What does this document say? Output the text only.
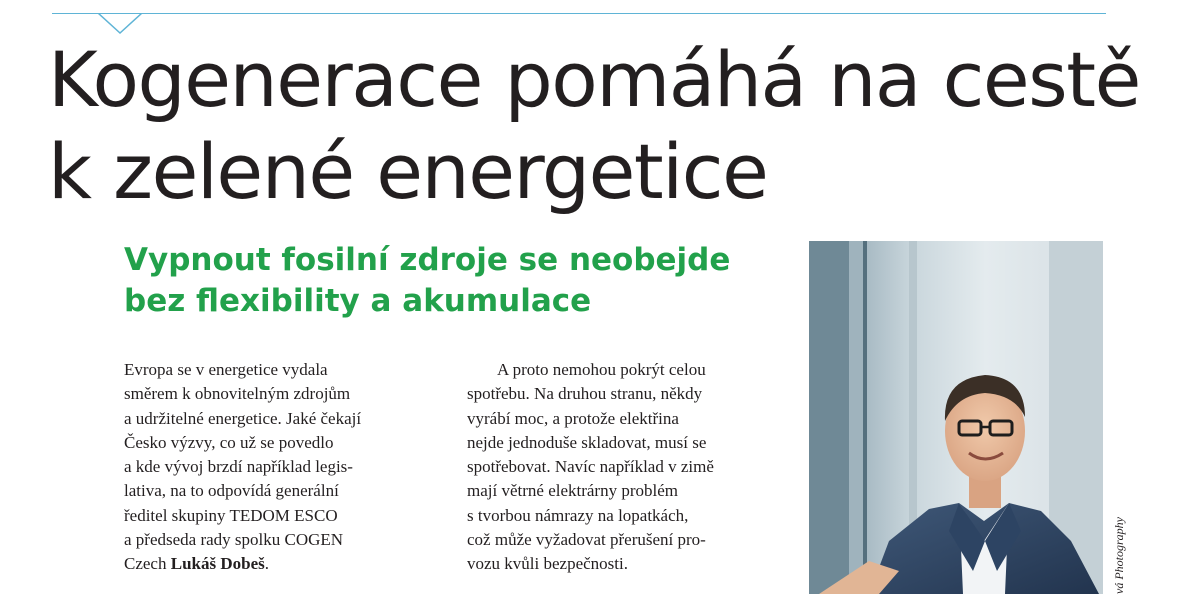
Kogenerace pomáhá na cestě
k zelené energetice
Vypnout fosilní zdroje se neobejde
bez flexibility a akumulace
Evropa se v energetice vydala
směrem k obnovitelným zdrojům
a udržitelné energetice. Jaké čekají
Česko výzvy, co už se povedlo
a kde vývoj brzdí například legis-
lativa, na to odpovídá generální
ředitel skupiny TEDOM ESCO
a předseda rady spolku COGEN
Czech Lukáš Dobeš.
A proto nemohou pokrýt celou
spotřebu. Na druhou stranu, někdy
vyrábí moc, a protože elektřina
nejde jednoduše skladovat, musí se
spotřebovat. Navíc například v zimě
mají větrné elektrárny problém
s tvorbou námrazy na lopatkách,
což může vyžadovat přerušení pro-
vozu kvůli bezpečnosti.	vá Photography
